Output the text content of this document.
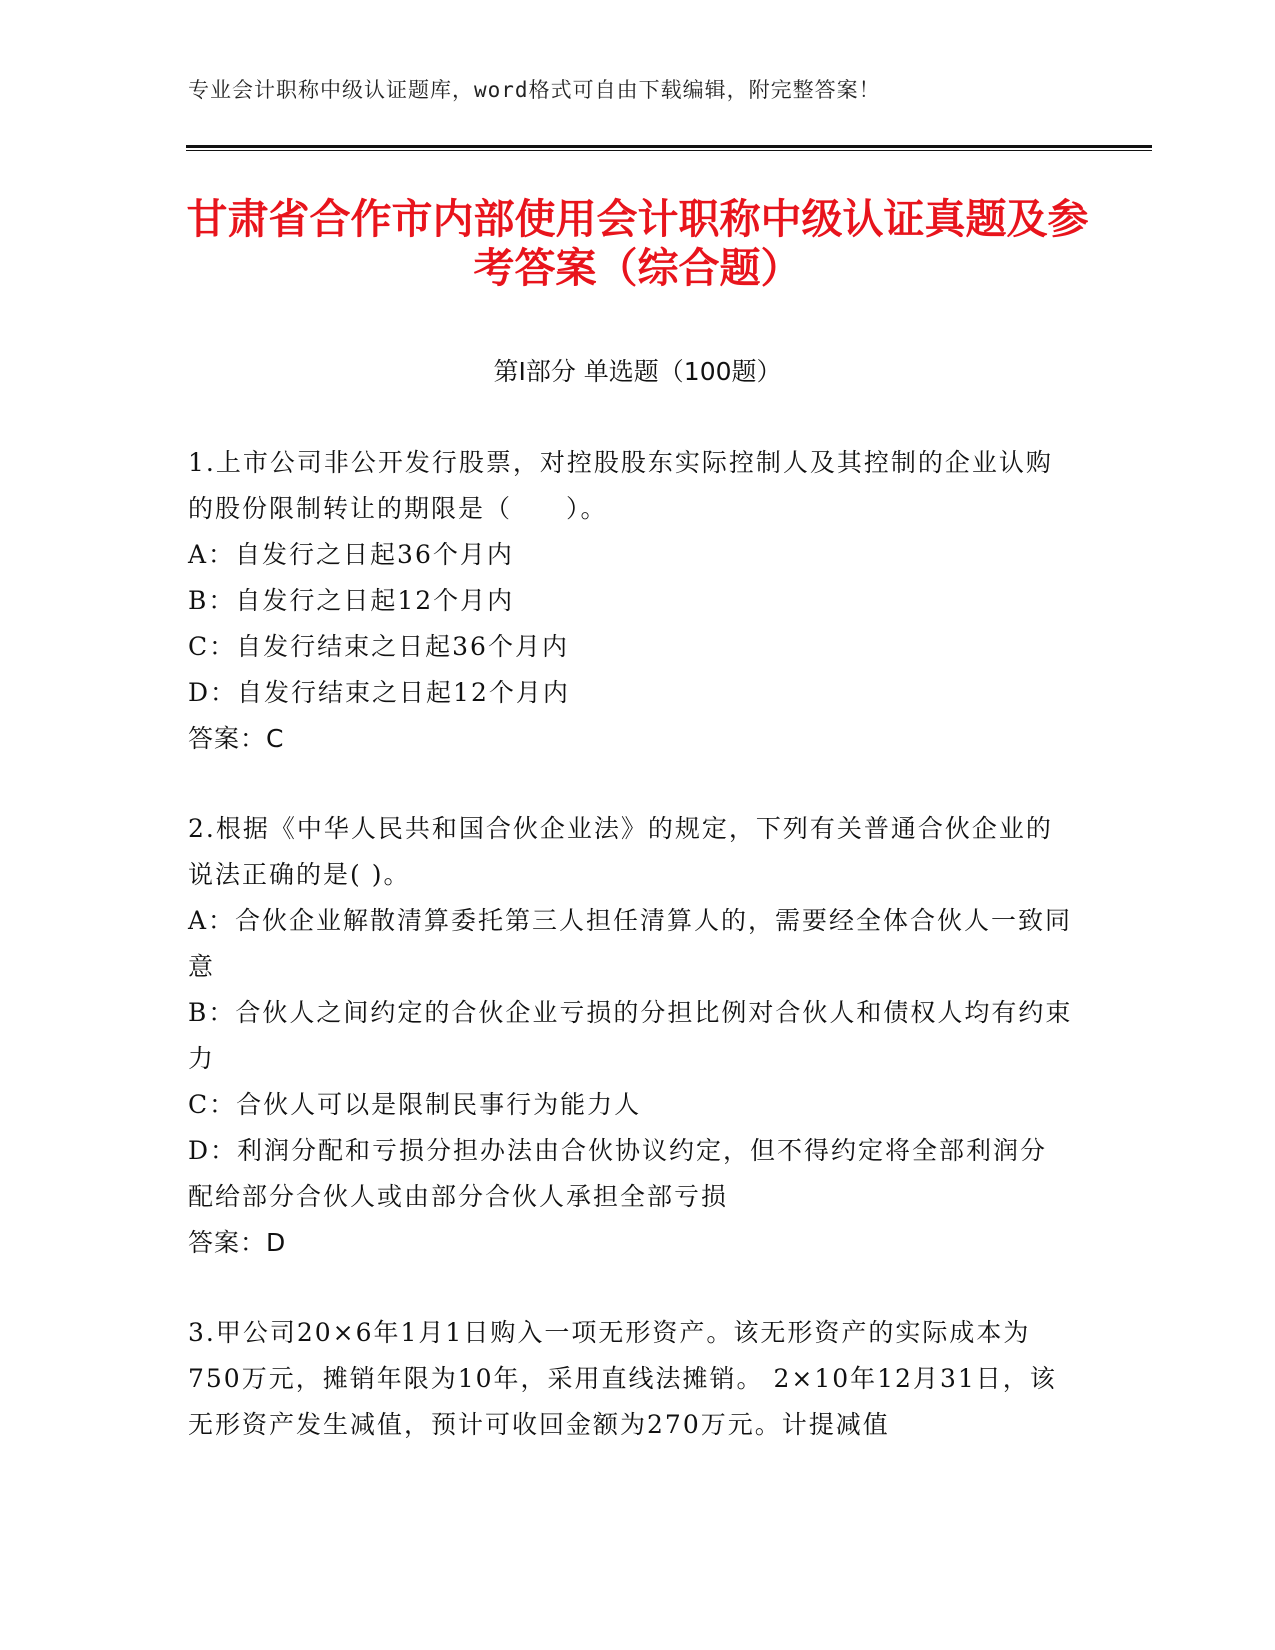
专业会计职称中级认证题库，word格式可自由下载编辑，附完整答案！
甘肃省合作市内部使用会计职称中级认证真题及参考答案（综合题）
第Ⅰ部分 单选题（100题）

1.上市公司非公开发行股票，对控股股东实际控制人及其控制的企业认购的股份限制转让的期限是（　　）。

A：自发行之日起36个月内

B：自发行之日起12个月内

C：自发行结束之日起36个月内

D：自发行结束之日起12个月内

答案：C

2.根据《中华人民共和国合伙企业法》的规定，下列有关普通合伙企业的说法正确的是( )。

A：合伙企业解散清算委托第三人担任清算人的，需要经全体合伙人一致同意

B：合伙人之间约定的合伙企业亏损的分担比例对合伙人和债权人均有约束力

C：合伙人可以是限制民事行为能力人

D：利润分配和亏损分担办法由合伙协议约定，但不得约定将全部利润分配给部分合伙人或由部分合伙人承担全部亏损

答案：D

3.甲公司20×6年1月1日购入一项无形资产。该无形资产的实际成本为750万元，摊销年限为10年，采用直线法摊销。 2×10年12月31日，该无形资产发生减值，预计可收回金额为270万元。计提减值
